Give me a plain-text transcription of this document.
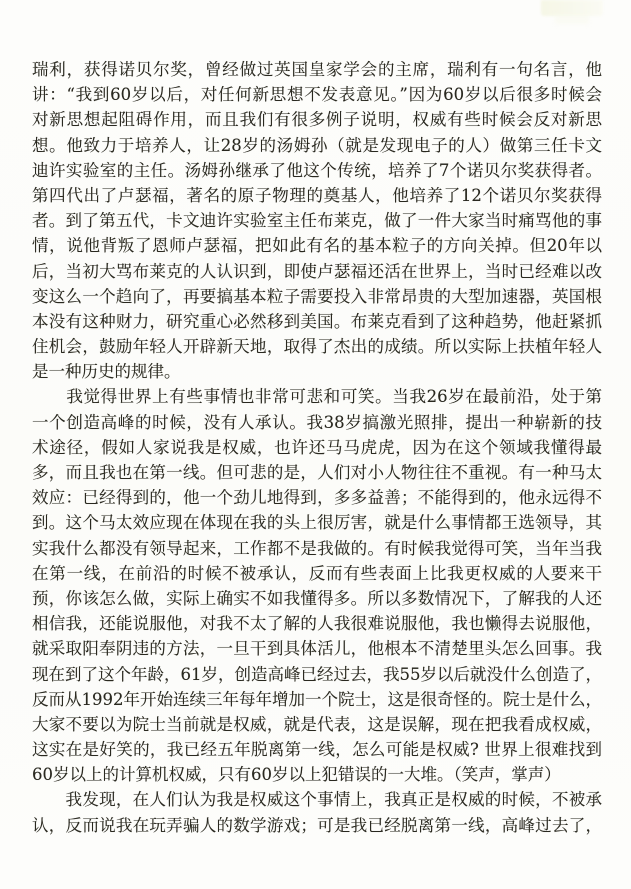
瑞利，获得诺贝尔奖，曾经做过英国皇家学会的主席，瑞利有一句名言，他
讲：“我到60岁以后，对任何新思想不发表意见。”因为60岁以后很多时候会
对新思想起阻碍作用，而且我们有很多例子说明，权威有些时候会反对新思
想。他致力于培养人，让28岁的汤姆孙（就是发现电子的人）做第三任卡文
迪许实验室的主任。汤姆孙继承了他这个传统，培养了7个诺贝尔奖获得者。
第四代出了卢瑟福，著名的原子物理的奠基人，他培养了12个诺贝尔奖获得
者。到了第五代，卡文迪许实验室主任布莱克，做了一件大家当时痛骂他的事
情，说他背叛了恩师卢瑟福，把如此有名的基本粒子的方向关掉。但20年以
后，当初大骂布莱克的人认识到，即使卢瑟福还活在世界上，当时已经难以改
变这么一个趋向了，再要搞基本粒子需要投入非常昂贵的大型加速器，英国根
本没有这种财力，研究重心必然移到美国。布莱克看到了这种趋势，他赶紧抓
住机会，鼓励年轻人开辟新天地，取得了杰出的成绩。所以实际上扶植年轻人
是一种历史的规律。
　　我觉得世界上有些事情也非常可悲和可笑。当我26岁在最前沿，处于第
一个创造高峰的时候，没有人承认。我38岁搞激光照排，提出一种崭新的技
术途径，假如人家说我是权威，也许还马马虎虎，因为在这个领域我懂得最
多，而且我也在第一线。但可悲的是，人们对小人物往往不重视。有一种马太
效应：已经得到的，他一个劲儿地得到，多多益善；不能得到的，他永远得不
到。这个马太效应现在体现在我的头上很厉害，就是什么事情都王选领导，其
实我什么都没有领导起来，工作都不是我做的。有时候我觉得可笑，当年当我
在第一线，在前沿的时候不被承认，反而有些表面上比我更权威的人要来干
预，你该怎么做，实际上确实不如我懂得多。所以多数情况下，了解我的人还
相信我，还能说服他，对我不太了解的人我很难说服他，我也懒得去说服他，
就采取阳奉阴违的方法，一旦干到具体活儿，他根本不清楚里头怎么回事。我
现在到了这个年龄，61岁，创造高峰已经过去，我55岁以后就没什么创造了，
反而从1992年开始连续三年每年增加一个院士，这是很奇怪的。院士是什么，
大家不要以为院士当前就是权威，就是代表，这是误解，现在把我看成权威，
这实在是好笑的，我已经五年脱离第一线，怎么可能是权威? 世界上很难找到
60岁以上的计算机权威，只有60岁以上犯错误的一大堆。（笑声，掌声）
　　我发现，在人们认为我是权威这个事情上，我真正是权威的时候，不被承
认，反而说我在玩弄骗人的数学游戏；可是我已经脱离第一线，高峰过去了，
